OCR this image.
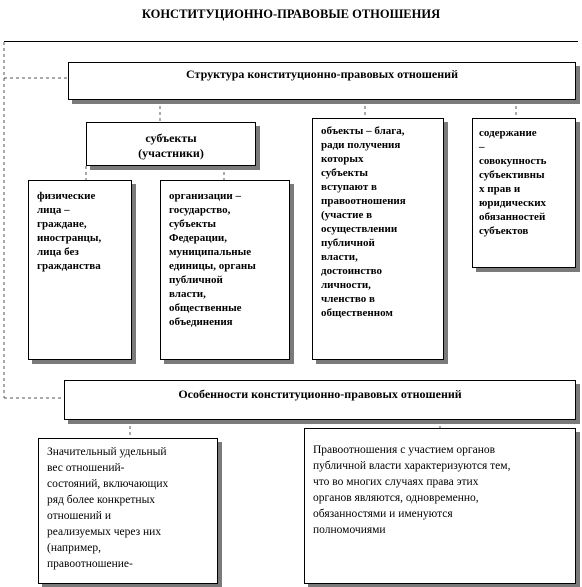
КОНСТИТУЦИОННО-ПРАВОВЫЕ ОТНОШЕНИЯ
Структура конституционно-правовых отношений
субъекты
(участники)
физические
лица –
граждане,
иностранцы,
лица без
гражданства
организации –
государство,
субъекты
Федерации,
муниципальные
единицы, органы
публичной
власти,
общественные
объединения
объекты – блага,
ради получения
которых
субъекты
вступают в
правоотношения
(участие в
осуществлении
публичной
власти,
достоинство
личности,
членство в
общественном
содержание
–
совокупность
субъективны
х прав и
юридических
обязанностей
субъектов
Особенности конституционно-правовых отношений
Значительный удельный
вес отношений-
состояний, включающих
ряд более конкретных
отношений и
реализуемых через них
(например,
правоотношение-
Правоотношения с участием органов
публичной власти характеризуются тем,
что во многих случаях права этих
органов являются, одновременно,
обязанностями и именуются
полномочиями
